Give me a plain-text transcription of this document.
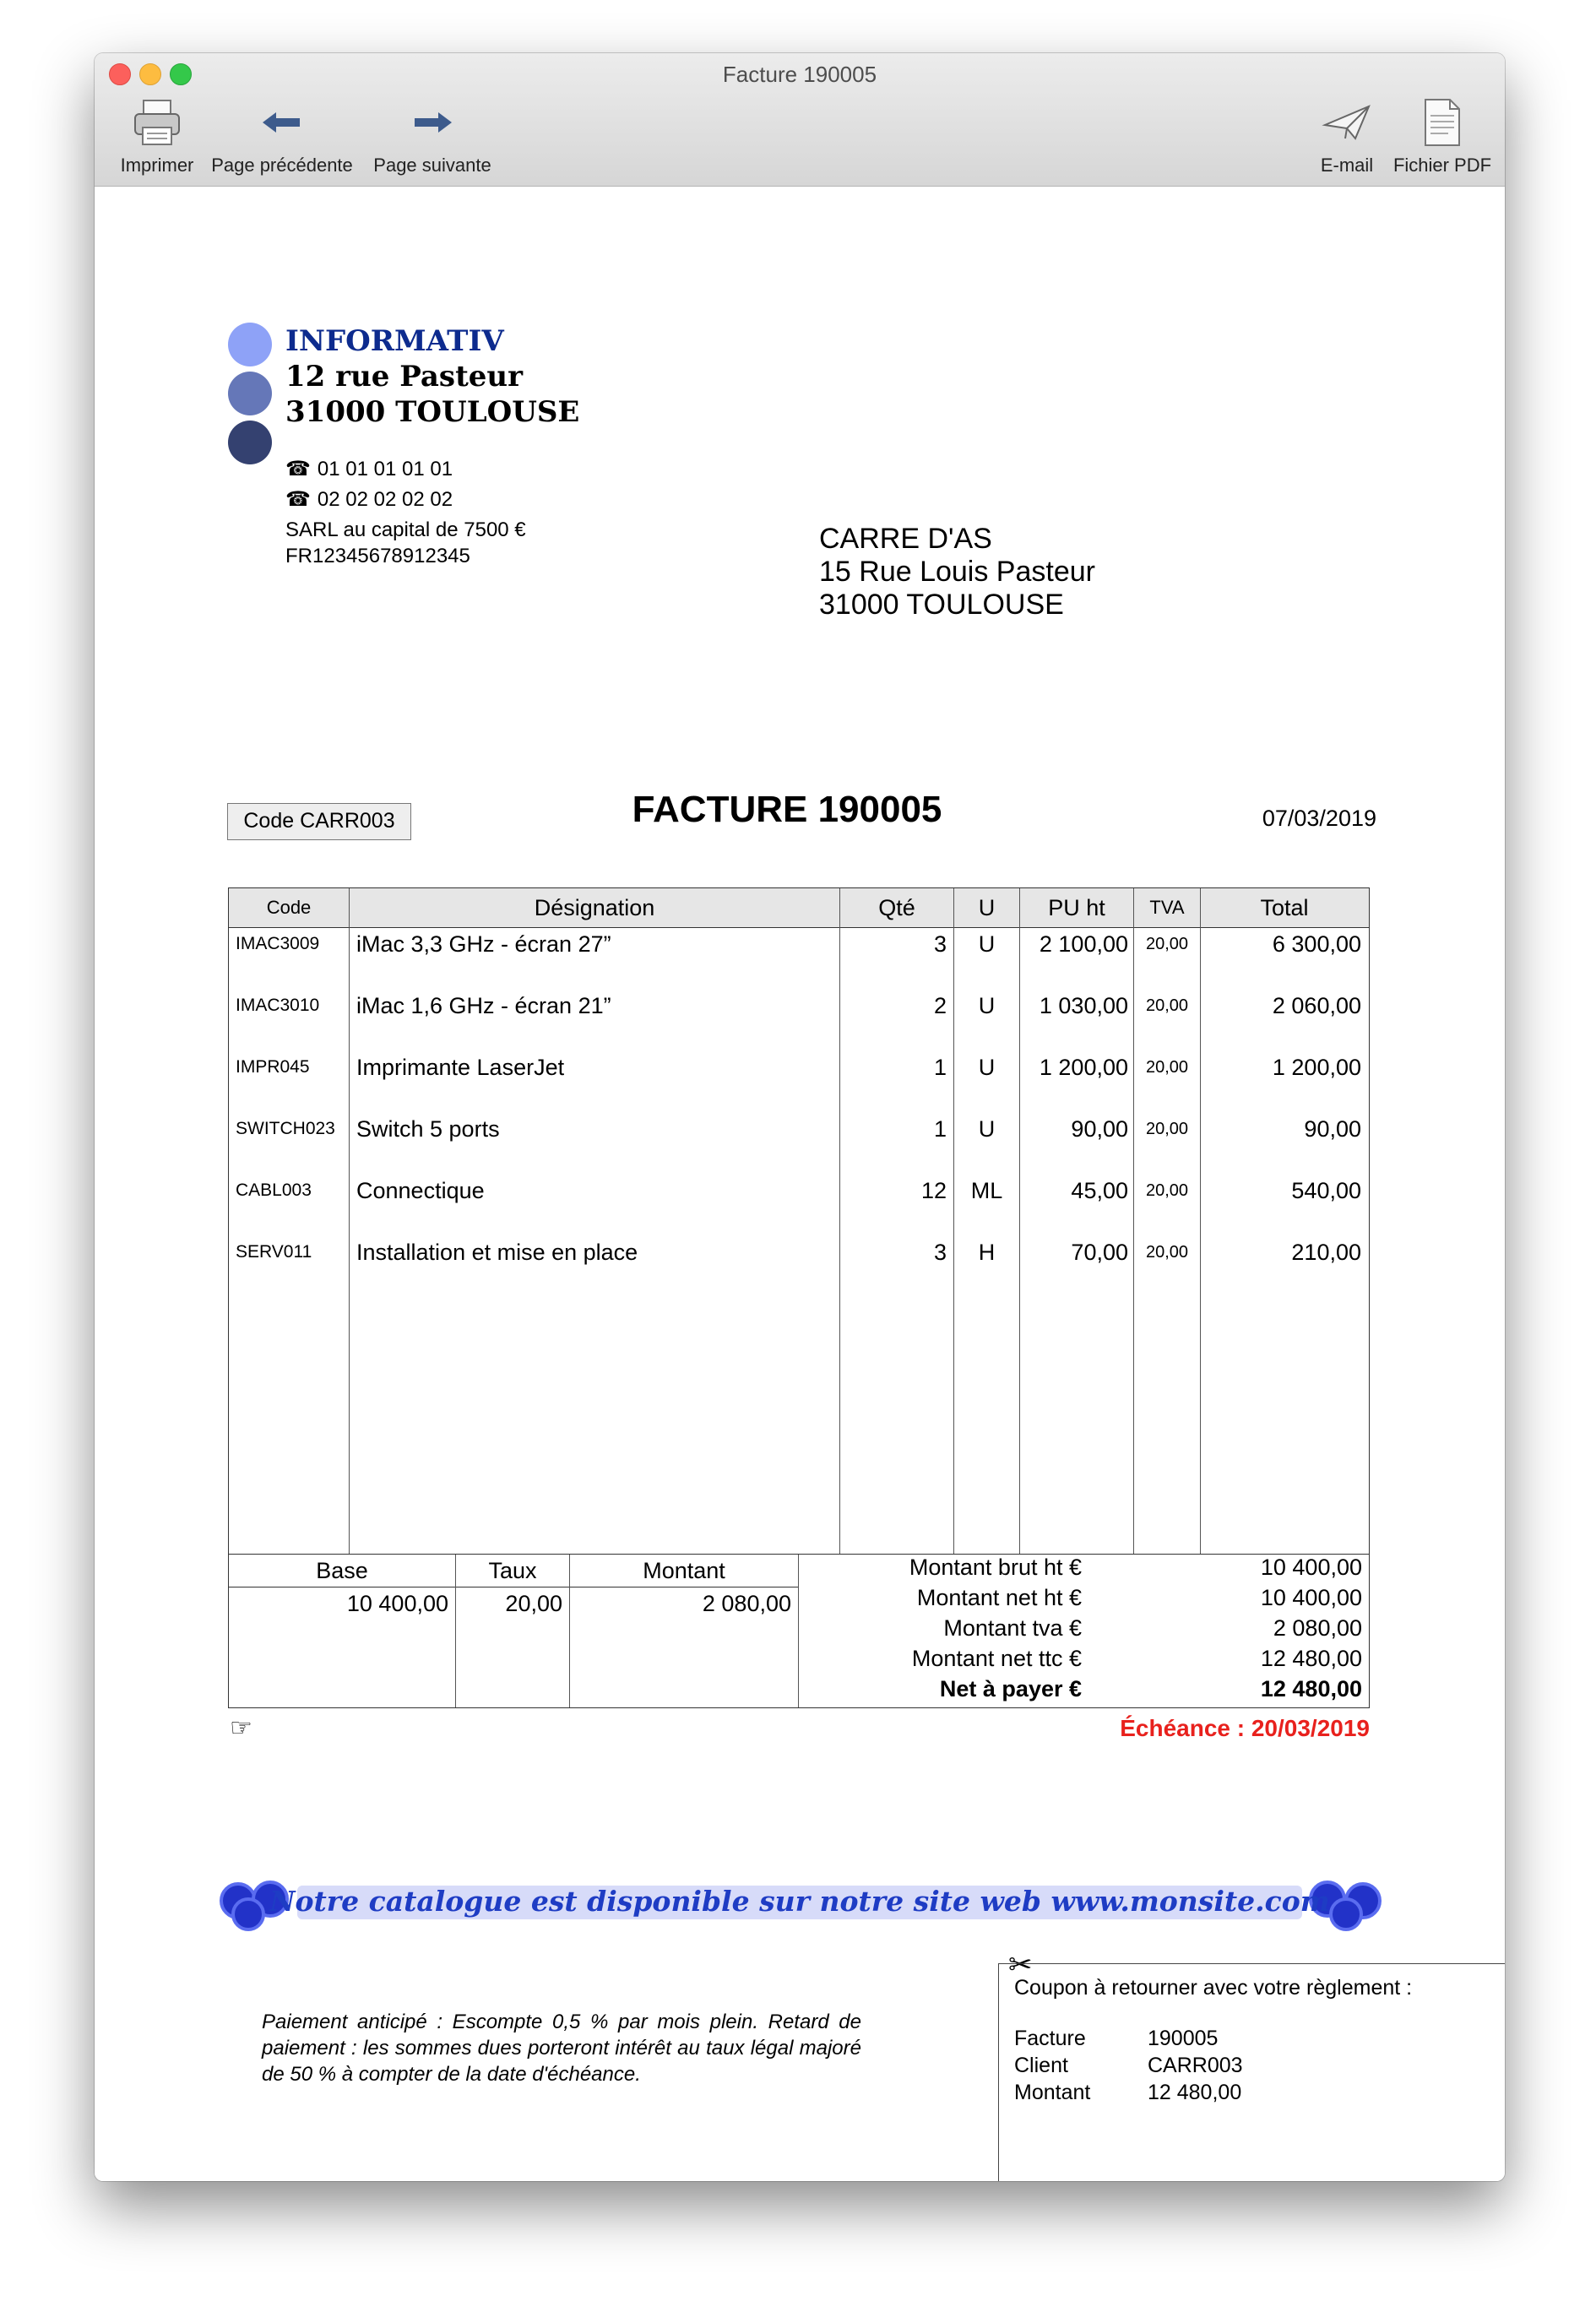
Facture 190005
Imprimer Page précédente	Page suivante	E-mail	Fichier PDF
INFORMATIV
12 rue Pasteur
31000 TOULOUSE
☎ 01 01 01 01 01
☎ 02 02 02 02 02
SARL au capital de 7500 €
FR12345678912345
CARRE D'AS
15 Rue Louis Pasteur
31000 TOULOUSE
Code CARR003	FACTURE 190005	07/03/2019
Code	Désignation	Qté	U	PU ht	TVA	Total
IMAC3009 iMac 3,3 GHz - écran 27”	3	U	2 100,00	20,00	6 300,00
IMAC3010 iMac 1,6 GHz - écran 21”	2	U	1 030,00	20,00	2 060,00
IMPR045 Imprimante LaserJet	1	U	1 200,00	20,00	1 200,00
SWITCH023 Switch 5 ports	1	U	90,00	20,00	90,00
CABL003 Connectique	12	ML	45,00	20,00	540,00
SERV011 Installation et mise en place	3	H	70,00	20,00	210,00
Base	Taux	Montant
10 400,00	20,00	2 080,00
Montant brut ht €	10 400,00
Montant net ht €	10 400,00
Montant tva €	2 080,00
Montant net ttc €	12 480,00
Net à payer €	12 480,00
☞	Échéance : 20/03/2019
Notre catalogue est disponible sur notre site web www.monsite.com
Paiement anticipé : Escompte 0,5 % par mois plein. Retard de paiement : les sommes dues porteront intérêt au taux légal majoré de 50 % à compter de la date d'échéance.
✂
Coupon à retourner avec votre règlement :
Facture	190005
Client	CARR003
Montant	12 480,00
